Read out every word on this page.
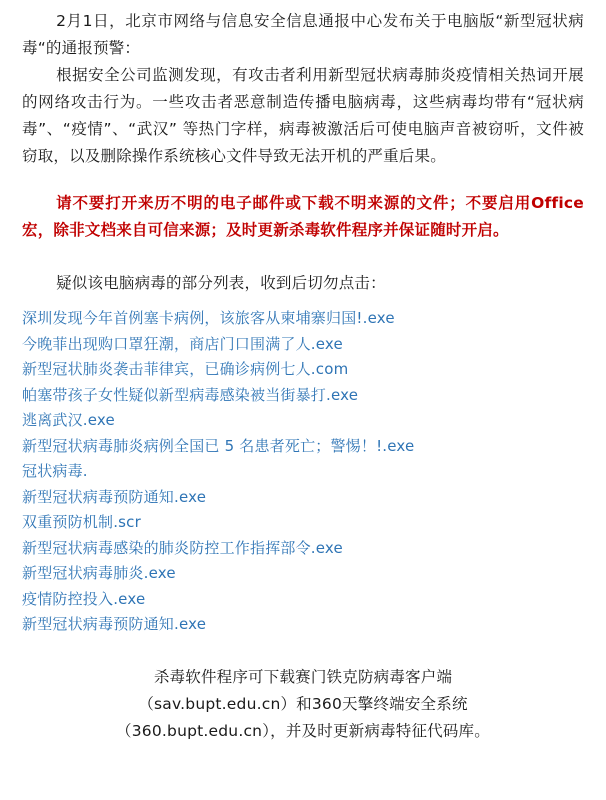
2月1日，北京市网络与信息安全信息通报中心发布关于电脑版“新型冠状病毒“的通报预警：

根据安全公司监测发现，有攻击者利用新型冠状病毒肺炎疫情相关热词开展的网络攻击行为。一些攻击者恶意制造传播电脑病毒，这些病毒均带有“冠状病毒”、“疫情”、“武汉” 等热门字样，病毒被激活后可使电脑声音被窃听，文件被窃取，以及删除操作系统核心文件导致无法开机的严重后果。

请不要打开来历不明的电子邮件或下载不明来源的文件；不要启用Office宏，除非文档来自可信来源；及时更新杀毒软件程序并保证随时开启。

疑似该电脑病毒的部分列表，收到后切勿点击：

深圳发现今年首例塞卡病例，该旅客从柬埔寨归国!.exe
今晚菲出现购口罩狂潮，商店门口围满了人.exe
新型冠状肺炎袭击菲律宾，已确诊病例七人.com
帕塞带孩子女性疑似新型病毒感染被当街暴打.exe
逃离武汉.exe
新型冠状病毒肺炎病例全国已 5 名患者死亡；警惕！!.exe
冠状病毒.
新型冠状病毒预防通知.exe
双重预防机制.scr
新型冠状病毒感染的肺炎防控工作指挥部令.exe
新型冠状病毒肺炎.exe
疫情防控投入.exe
新型冠状病毒预防通知.exe

杀毒软件程序可下载赛门铁克防病毒客户端

（sav.bupt.edu.cn）和360天擎终端安全系统

（360.bupt.edu.cn），并及时更新病毒特征代码库。
